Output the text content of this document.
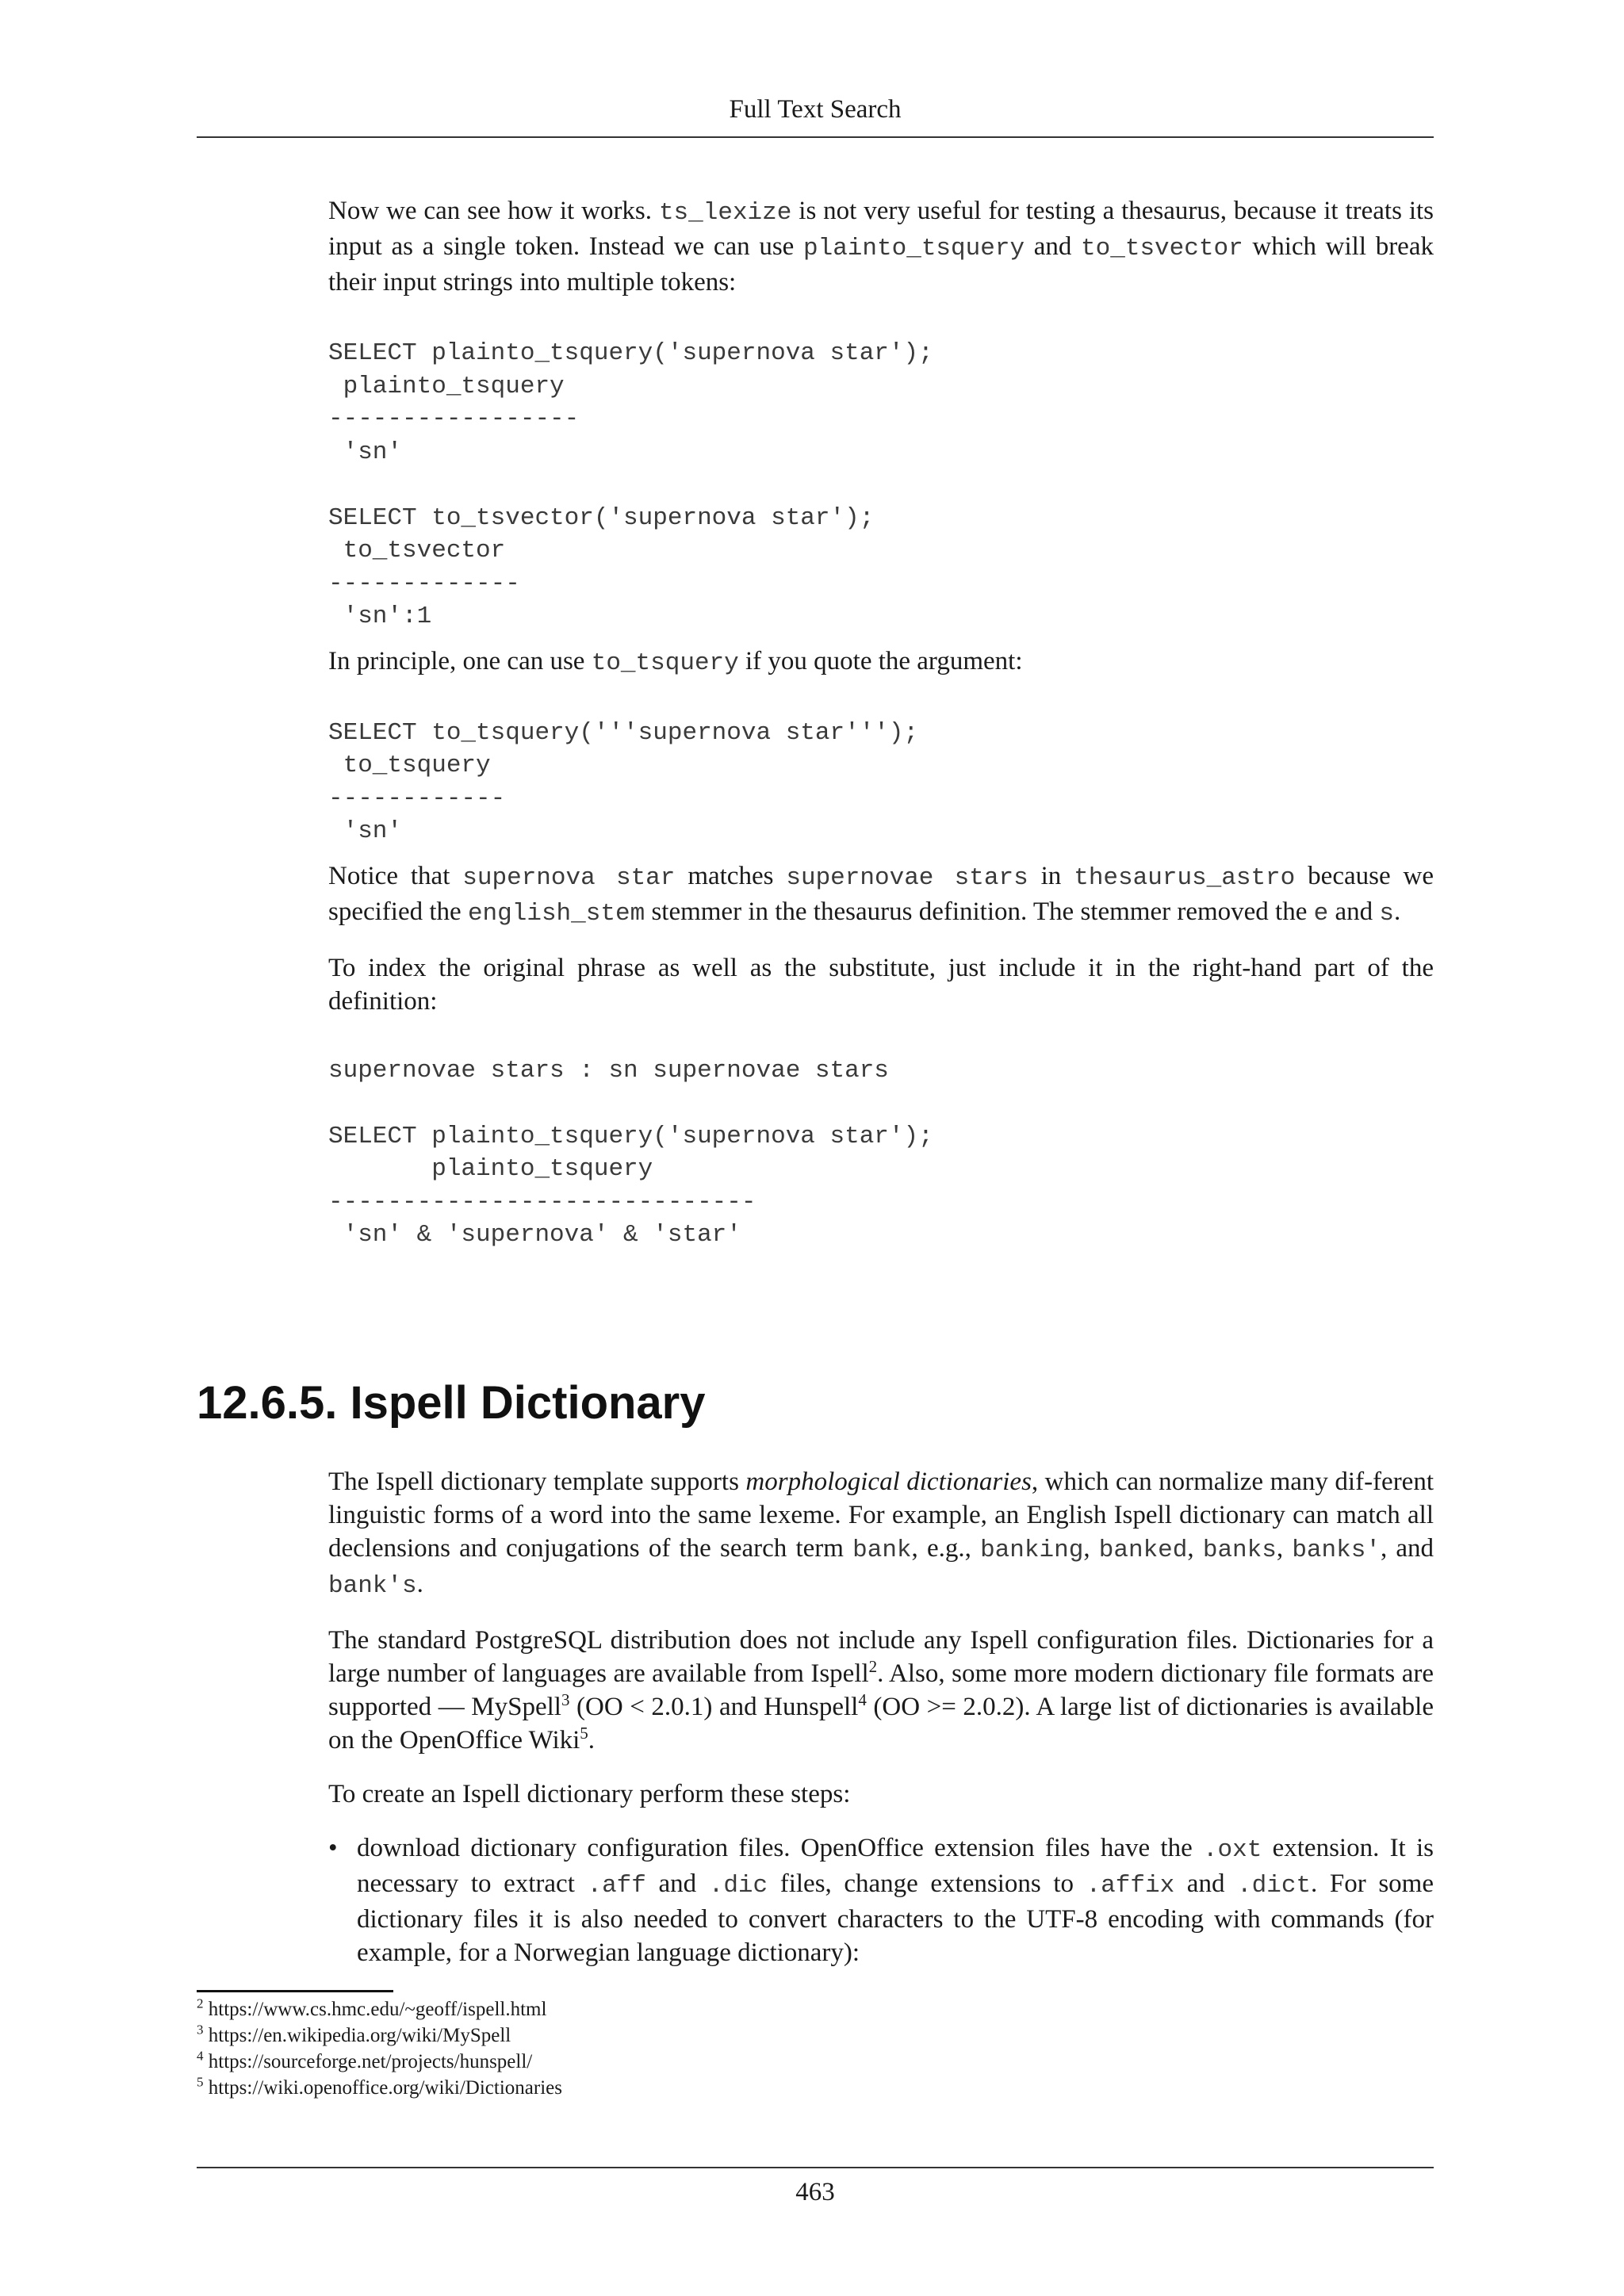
Full Text Search

Now we can see how it works. ts_lexize is not very useful for testing a thesaurus, because it treats its input as a single token. Instead we can use plainto_tsquery and to_tsvector which will break their input strings into multiple tokens:

SELECT plainto_tsquery('supernova star');
plainto_tsquery
-----------------
'sn'

SELECT to_tsvector('supernova star');
to_tsvector
-------------
'sn':1

In principle, one can use to_tsquery if you quote the argument:

SELECT to_tsquery('''supernova star''');
to_tsquery
------------
'sn'

Notice that supernova star matches supernovae stars in thesaurus_astro because we specified the english_stem stemmer in the thesaurus definition. The stemmer removed the e and s.

To index the original phrase as well as the substitute, just include it in the right-hand part of the definition:

supernovae stars : sn supernovae stars

SELECT plainto_tsquery('supernova star');
plainto_tsquery
-----------------------------
'sn' & 'supernova' & 'star'
12.6.5. Ispell Dictionary

The Ispell dictionary template supports morphological dictionaries, which can normalize many dif-ferent linguistic forms of a word into the same lexeme. For example, an English Ispell dictionary can match all declensions and conjugations of the search term bank, e.g., banking, banked, banks, banks', and bank's.

The standard PostgreSQL distribution does not include any Ispell configuration files. Dictionaries for a large number of languages are available from Ispell$^2$. Also, some more modern dictionary file formats are supported — MySpell$^3$ (OO < 2.0.1) and Hunspell$^4$ (OO >= 2.0.2). A large list of dictionaries is available on the OpenOffice Wiki$^5$.

To create an Ispell dictionary perform these steps:

• download dictionary configuration files. OpenOffice extension files have the .oxt extension. It is necessary to extract .aff and .dic files, change extensions to .affix and .dict. For some dictionary files it is also needed to convert characters to the UTF-8 encoding with commands (for example, for a Norwegian language dictionary):
$^2$ https://www.cs.hmc.edu/~geoff/ispell.html
$^3$ https://en.wikipedia.org/wiki/MySpell
$^4$ https://sourceforge.net/projects/hunspell/
$^5$ https://wiki.openoffice.org/wiki/Dictionaries
463
